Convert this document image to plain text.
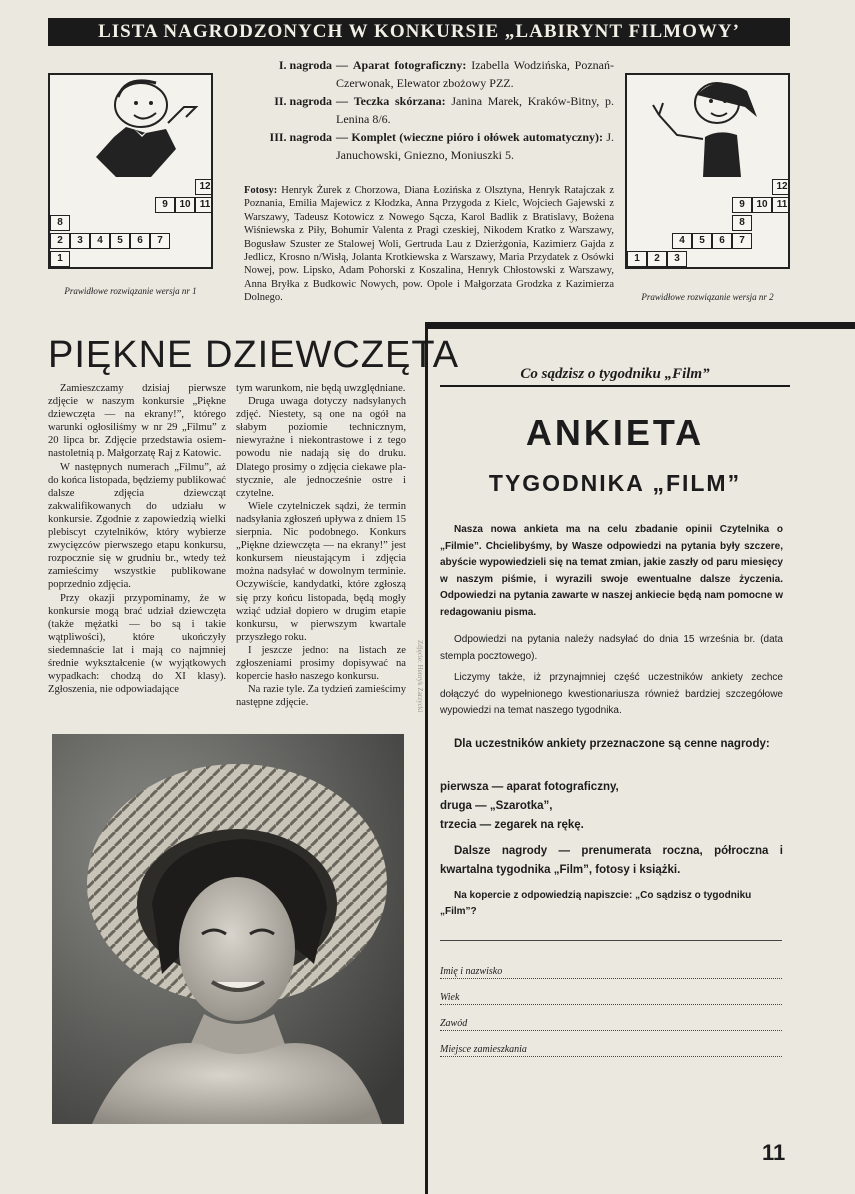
LISTA NAGRODZONYCH W KONKURSIE „LABIRYNT FILMOWY’
12
9	10 11
8
2	3	4	5	6	7
1
Prawidłowe rozwiązanie wersja nr 1
12
9	10 11
8
4	5	6	7
1	2	3
Prawidłowe rozwiązanie wersja nr 2
I. nagroda — Aparat fotograficzny: Izabella Wodzińska, Poznań-Czerwonak, Elewator zbożowy PZZ.
II. nagroda — Teczka skórzana: Janina Marek, Kraków-Bitny, p. Lenina 8/6.
III. nagroda — Komplet (wieczne pióro i ołówek automatyczny): J. Januchowski, Gniezno, Moniuszki 5.
Fotosy: Henryk Żurek z Chorzowa, Diana Łozińska z Olsztyna, Henryk Ratajczak z Poznania, Emilia Majewicz z Kłodzka, Anna Przygoda z Kielc, Wojciech Gajewski z Warszawy, Tadeusz Kotowicz z Nowego Sącza, Karol Badlik z Bratislavy, Bożena Wiśniewska z Piły, Bohumir Valenta z Pragi czeskiej, Nikodem Kratko z Warszawy, Bogusław Szuster ze Stalowej Woli, Gertruda Lau z Dzierżgonia, Kazimierz Gajda z Jedlicz, Krosno n/Wisłą, Jolanta Krotkiewska z Warszawy, Maria Przydatek z Osówki Nowej, pow. Lipsko, Adam Pohorski z Koszalina, Henryk Chłostowski z Warszawy, Anna Bryłka z Budkowic Nowych, pow. Opole i Małgorzata Grodzka z Kazimierza Dolnego.
PIĘKNE DZIEWCZĘTA

Zamieszczamy dzisiaj pierwsze zdjęcie w naszym konkursie „Piękne dziewczęta — na ekrany!”, którego warunki ogłosiliśmy w nr 29 „Filmu” z 20 lipca br. Zdjęcie przedstawia osiemnastoletnią p. Małgorzatę Raj z Katowic.

W następnych numerach „Filmu”, aż do końca listopada, będziemy publikować dalsze zdjęcia dziewcząt zakwalifikowanych do udziału w konkursie. Zgodnie z zapowiedzią wielki plebiscyt czytelników, który wybierze zwycięzców pierwszego etapu konkursu, rozpocznie się w grudniu br., wtedy też zamieścimy wszystkie publikowane poprzednio zdjęcia.

Przy okazji przypominamy, że w konkursie mogą brać udział dziewczęta (także mężatki — bo są i takie wątpliwości), które ukończyły siedemnaście lat i mają co najmniej średnie wykształcenie (w wyjątkowych wypadkach: chodzą do XI klasy). Zgłoszenia, nie odpowiadające

tym warunkom, nie będą uwzględniane.

Druga uwaga dotyczy nadsyłanych zdjęć. Niestety, są one na ogół na słabym poziomie technicznym, niewyraźne i niekontrastowe i z tego powodu nie nadają się do druku. Dlatego prosimy o zdjęcia ciekawe plastycznie, ale jednocześnie ostre i czytelne.

Wiele czytelniczek sądzi, że termin nadsyłania zgłoszeń upływa z dniem 15 sierpnia. Nic podobnego. Konkurs „Piękne dziewczęta — na ekrany!” jest konkursem nieustającym i zdjęcia można nadsyłać w dowolnym terminie. Oczywiście, kandydatki, które zgłoszą się przy końcu listopada, będą mogły wziąć udział dopiero w drugim etapie konkursu, w pierwszym kwartale przyszłego roku.

I jeszcze jedno: na listach ze zgłoszeniami prosimy dopisywać na kopercie hasło naszego konkursu.

Na razie tyle. Za tydzień zamieścimy następne zdjęcie.	Zdjęcie: Henryk Zarzycki
Co sądzisz o tygodniku „Film”
ANKIETA
TYGODNIKA „FILM”

Nasza nowa ankieta ma na celu zbadanie opinii Czytelnika o „Filmie”. Chcielibyśmy, by Wasze odpowiedzi na pytania były szczere, abyście wypowiedzieli się na temat zmian, jakie zaszły od paru miesięcy w naszym piśmie, i wyrazili swoje ewentualne dalsze życzenia. Odpowiedzi na pytania zawarte w naszej ankiecie będą nam pomocne w redagowaniu pisma.

Odpowiedzi na pytania należy nadsyłać do dnia 15 września br. (data stempla pocztowego).

Liczymy także, iż przynajmniej część uczestników ankiety zechce dołączyć do wypełnionego kwestionariusza również bardziej szczegółowe wypowiedzi na temat naszego tygodnika.

Dla uczestników ankiety przeznaczone są cenne nagrody:

pierwsza — aparat fotograficzny,
druga — „Szarotka”,
trzecia — zegarek na rękę.

Dalsze nagrody — prenumerata roczna, półroczna i kwartalna tygodnika „Film”, fotosy i książki.

Na kopercie z odpowiedzią napiszcie: „Co sądzisz o tygodniku „Film”?

Imię i nazwisko
Wiek
Zawód
Miejsce zamieszkania
11
